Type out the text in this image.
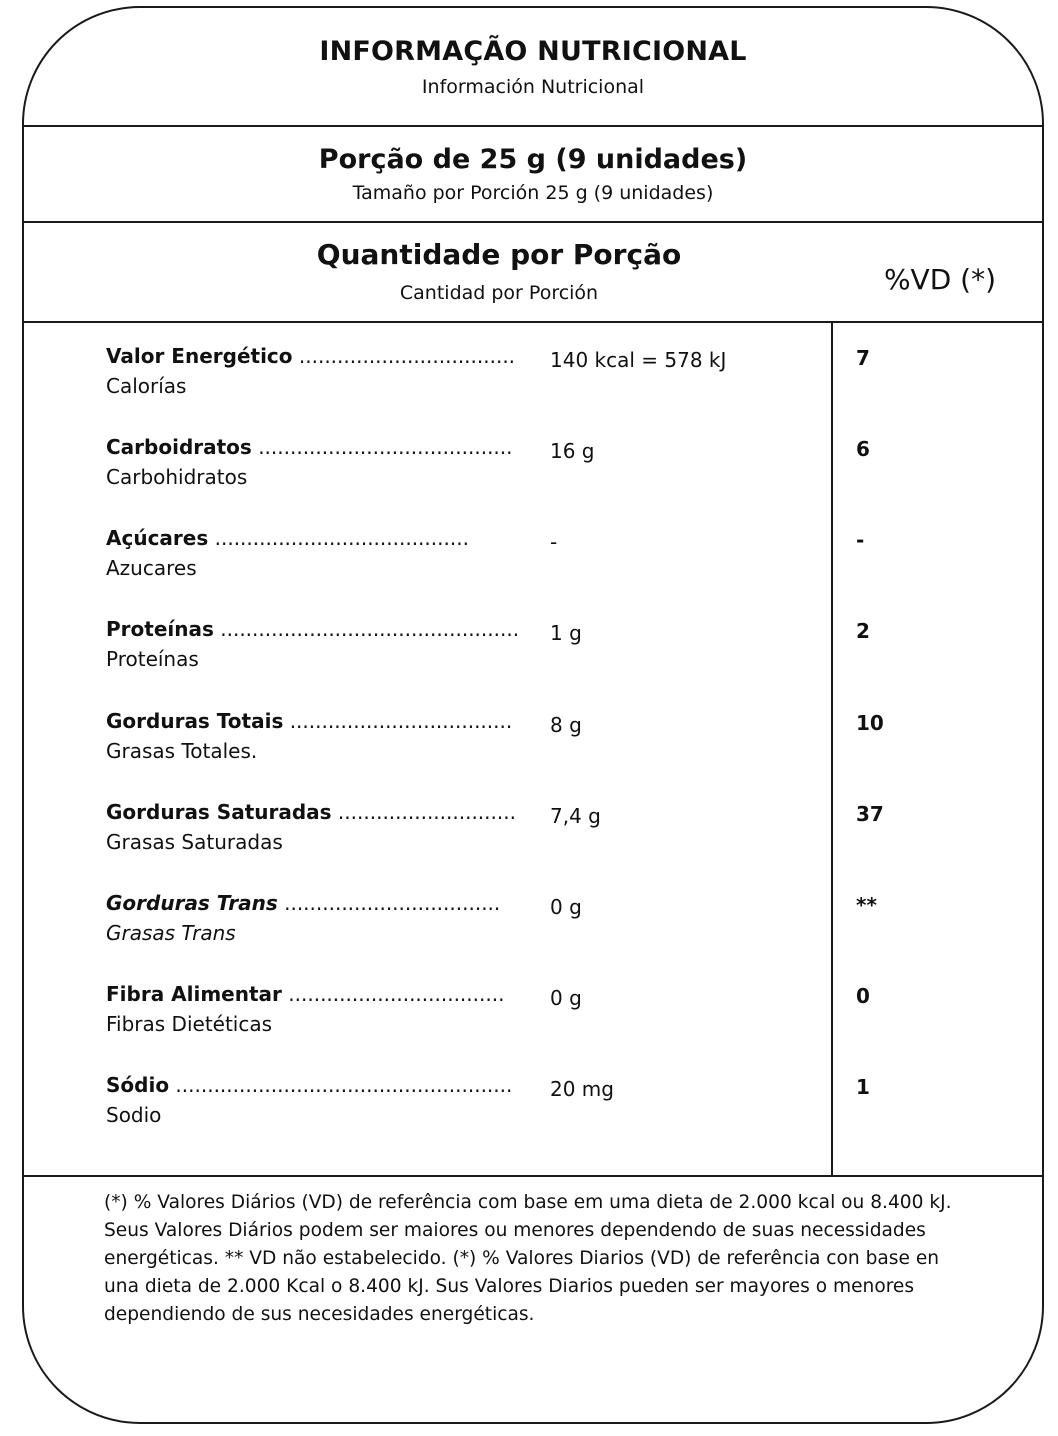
INFORMAÇÃO NUTRICIONAL
Información Nutricional
Porção de 25 g (9 unidades)
Tamaño por Porción 25 g (9 unidades)
Quantidade por Porção
Cantidad por Porción	%VD (*)
Valor Energético ..................................
Calorías
140 kcal = 578 kJ	7
Carboidratos ........................................
Carbohidratos
16 g	6
Açúcares ........................................
Azucares
-	-
Proteínas ...............................................
Proteínas
1 g	2
Gorduras Totais ...................................
Grasas Totales.
8 g	10
Gorduras Saturadas ............................
Grasas Saturadas
7,4 g	37
Gorduras Trans ..................................
Grasas Trans
0 g	**
Fibra Alimentar ..................................
Fibras Dietéticas
0 g	0
Sódio .....................................................
Sodio
20 mg	1
(*) % Valores Diários (VD) de referência com base em uma dieta de 2.000 kcal ou 8.400 kJ. Seus Valores Diários podem ser maiores ou menores dependendo de suas necessidades energéticas. ** VD não estabelecido. (*) % Valores Diarios (VD) de referência con base en una dieta de 2.000 Kcal o 8.400 kJ. Sus Valores Diarios pueden ser mayores o menores dependiendo de sus necesidades energéticas.
